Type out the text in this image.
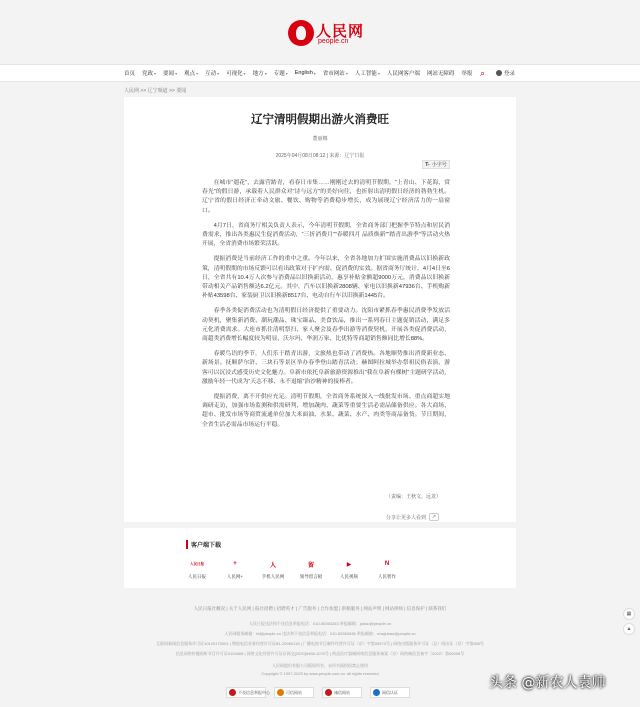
人民网
people.cn
首页 党政 ▾ 要闻 ▾ 观点 ▾ 互动 ▾ 可视化 ▾ 地方 ▾ 专题 ▾ English ▾ 省市网站 ▾ 人工智能 ▾ 人民网客户端 网站无障碍 举报 ⌕	登录
人民网 >> 辽宁频道 >> 要闻
辽宁清明假期出游火消费旺
董丽娜
2025年04月08日08:12 | 来源：辽宁日报
T- 小字号

在城市“遛花”，去露营踏青，看春日市集……刚刚过去的清明节假期，“上青山、下花海、赏春光”的假日游，承载着人民群众对“诗与远方”的美好向往，也折射出清明假日经济的勃勃生机。辽宁省的假日经济正牵动文旅、餐饮、购物等消费稳步增长，成为展现辽宁经济活力的一扇窗口。

4月7日，省商务厅相关负责人表示，今年清明节假期，全省商务部门把握季节特点和居民消费需求，推出各类惠民生促消费活动，“三折消费月”“春暖四月 品质焕新”“踏青出游季”等活动火热开展，全省消费市场繁荣活跃。

提振消费是当前经济工作的重中之重。今年以来，全省各地加力扩围实施消费品以旧换新政策，清明假期的市场反馈可以看出政策对于扩内需、促消费的实效。据省商务厅统计，4月4日至6日，全省共有10.4万人次参与消费品以旧换新活动，惠享补贴金额超9000万元，消费品以旧换新带动相关产品销售额达6.2亿元。其中，汽车以旧换新2808辆、家电以旧换新47936台、手机购新补贴43598台、家装厨卫以旧换新8517台、电动自行车以旧换新1445台。

春季各类促消费活动也为清明假日经济提供了重要动力。沈阳市紧抓春季惠民消费季发放活动契机，聚集新消费、潮玩潮品、珠宝臻品、美食饮品，推出一系列春日主题促销活动，满足多元化消费需求。大连市抓住清明祭扫、家人聚会及春季出游等消费契机，开展各类促消费活动，商超类消费增长幅度较为明显，沃尔玛、华润万家、比优特等商超销售额同比增长88%。

春暖鸟语的季节，人们乐于踏青出游，文旅热也带动了消费热。各地顺势推出消费新业态、新场景。抚顺萨尔浒、三块石等景区举办春季登山踏青活动；赫图阿拉城举办祭祖民俗表演，游客可以沉浸式感受历史文化魅力。阜新市依托阜新旅游资源推出“我在阜新有棵树”主题研学活动，激励年轻一代成为“天志不移、永不退缩”治沙精神的接棒者。

提振消费，离不开供应充足。清明节假期，全省商务系统深入一线批发市场、重点商超实地调研走访，加强市场监测和供需研判，增加蔬肉、蔬菜等重要生活必需品储备供应。各大商场、超市、批发市场等商贸流通单位加大米面油、水果、蔬菜、水产、肉类等商品备货。节日期间，全省生活必需品市场运行平稳。

（责编：王秋文、远龙）
分享让更多人看到	↗
客户端下载
人民日报
人民日报
+
人民网+
人
手机人民网
留
领导留言板
▶
人民视频
N
人民智作
人民日报社概况 | 关于人民网 | 报社招聘 | 招聘英才 | 广告服务 | 合作加盟 | 供稿服务 | 网站声明 | 网站律师 | 信息保护 | 联系我们
人民日报违法和不良信息举报电话：010-65363263 举报邮箱：jubao@people.cn
人民网服务邮箱：kf@people.cn 违法和不良信息举报电话：010-65363636 举报邮箱：rmwjubao@people.cn
互联网新闻信息服务许可证10120170001 | 增值电信业务经营许可证B1-20060118 | 广播电视节目制作经营许可证（京）字第00973号 | 网络出版服务许可证（总）网出证（京）字第056号
信息网络传播视听节目许可证0104065 | 网络文化经营许可证京网文[2020]5498-1075号 | 药品医疗器械网络信息服务备案（京）网药械信息备字（2022）第00006号
人民网股份有限公司版权所有，未经书面授权禁止使用
Copyright © 1997-2025 by www.people.com.cn. all rights reserved
不良信息举报中心	可信网站	诚信网站	网信认证
▦
▲
头条 @新农人袁帅
